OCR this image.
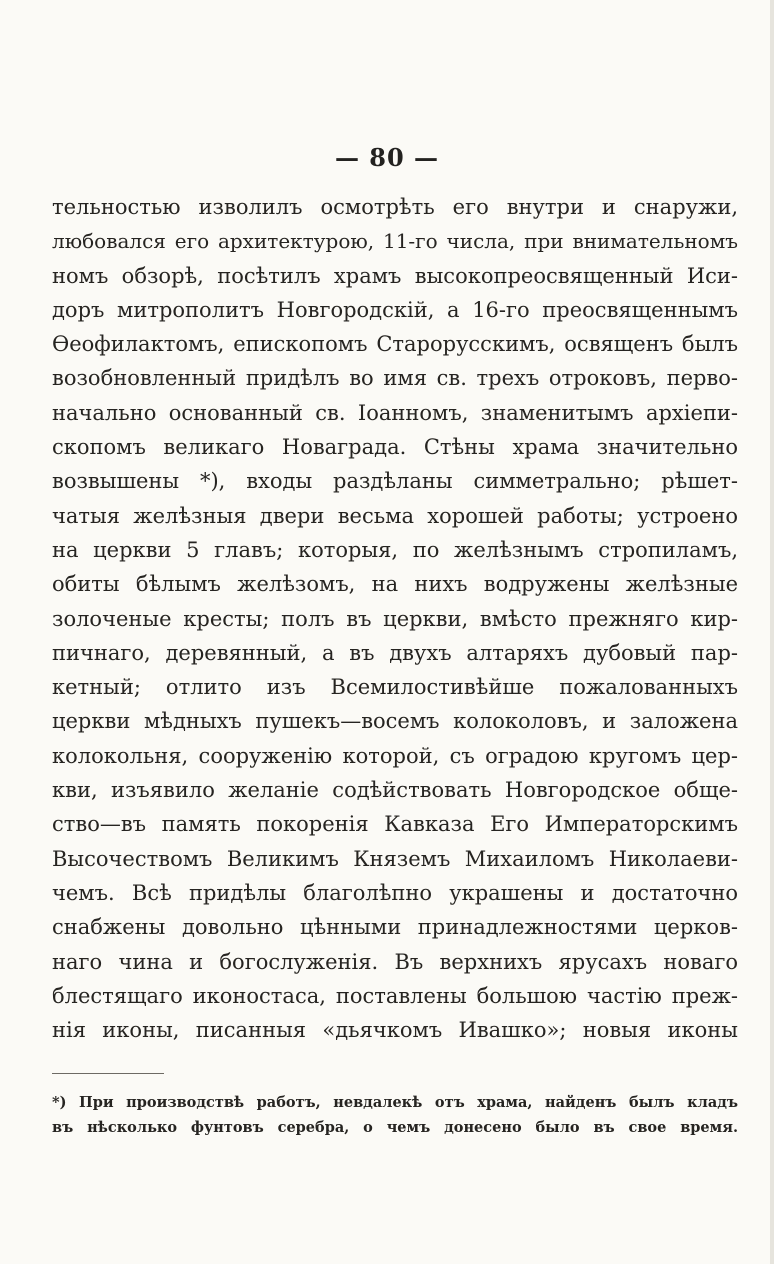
— 80 —
тельностью изволилъ осмотрѣть его внутри и снаружи,
любовался его архитектурою, 11-го числа, при внимательномъ
номъ обзорѣ, посѣтилъ храмъ высокопреосвященный Иси-
доръ митрополитъ Новгородскій, а 16-го преосвященнымъ
Ѳеофилактомъ, епископомъ Старорусскимъ, освященъ былъ
возобновленный придѣлъ во имя св. трехъ отроковъ, перво-
начально основанный св. Іоанномъ, знаменитымъ архіепи-
скопомъ великаго Новаграда. Стѣны храма значительно
возвышены *), входы раздѣланы симметрально; рѣшет-
чатыя желѣзныя двери весьма хорошей работы; устроено
на церкви 5 главъ; которыя, по желѣзнымъ стропиламъ,
обиты бѣлымъ желѣзомъ, на нихъ водружены желѣзные
золоченые кресты; полъ въ церкви, вмѣсто прежняго кир-
пичнаго, деревянный, а въ двухъ алтаряхъ дубовый пар-
кетный; отлито изъ Всемилостивѣйше пожалованныхъ
церкви мѣдныхъ пушекъ—восемъ колоколовъ, и заложена
колокольня, сооруженію которой, съ оградою кругомъ цер-
кви, изъявило желаніе содѣйствовать Новгородское обще-
ство—въ память покоренія Кавказа Его Императорскимъ
Высочествомъ Великимъ Княземъ Михаиломъ Николаеви-
чемъ. Всѣ придѣлы благолѣпно украшены и достаточно
снабжены довольно цѣнными принадлежностями церков-
наго чина и богослуженія. Въ верхнихъ ярусахъ новаго
блестящаго иконостаса, поставлены большою частію преж-
нія иконы, писанныя «дьячкомъ Ивашко»; новыя иконы
*) При производствѣ работъ, невдалекѣ отъ храма, найденъ былъ кладъ
въ нѣсколько фунтовъ серебра, о чемъ донесено было въ свое время.
